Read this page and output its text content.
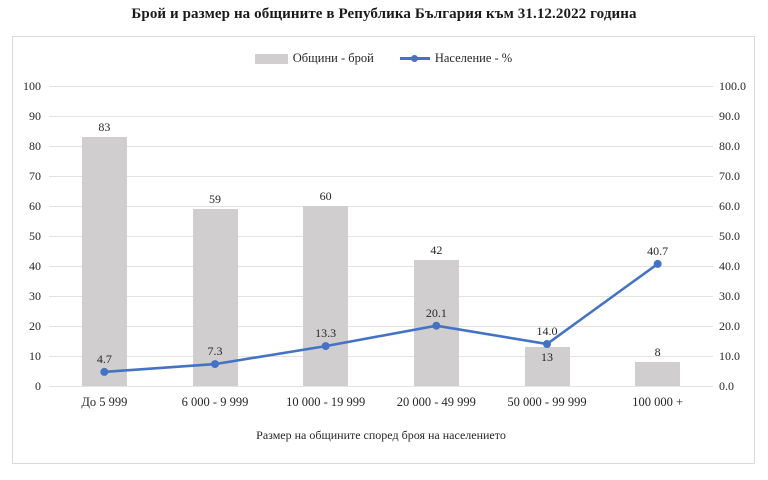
Брой и размер на общините в Република България към 31.12.2022 година
Общини - брой	Население - %
83
59	60
42
13	8
4.7
7.3
13.3
20.1
14.0
40.7
0
10
20
30
40
50
60
70
80
90
100
0.0
10.0
20.0
30.0
40.0
50.0
60.0
70.0
80.0
90.0
100.0
До 5 999	6 000 - 9 999	10 000 - 19 999	20 000 - 49 999	50 000 - 99 999	100 000 +
Размер на общините според броя на населението
